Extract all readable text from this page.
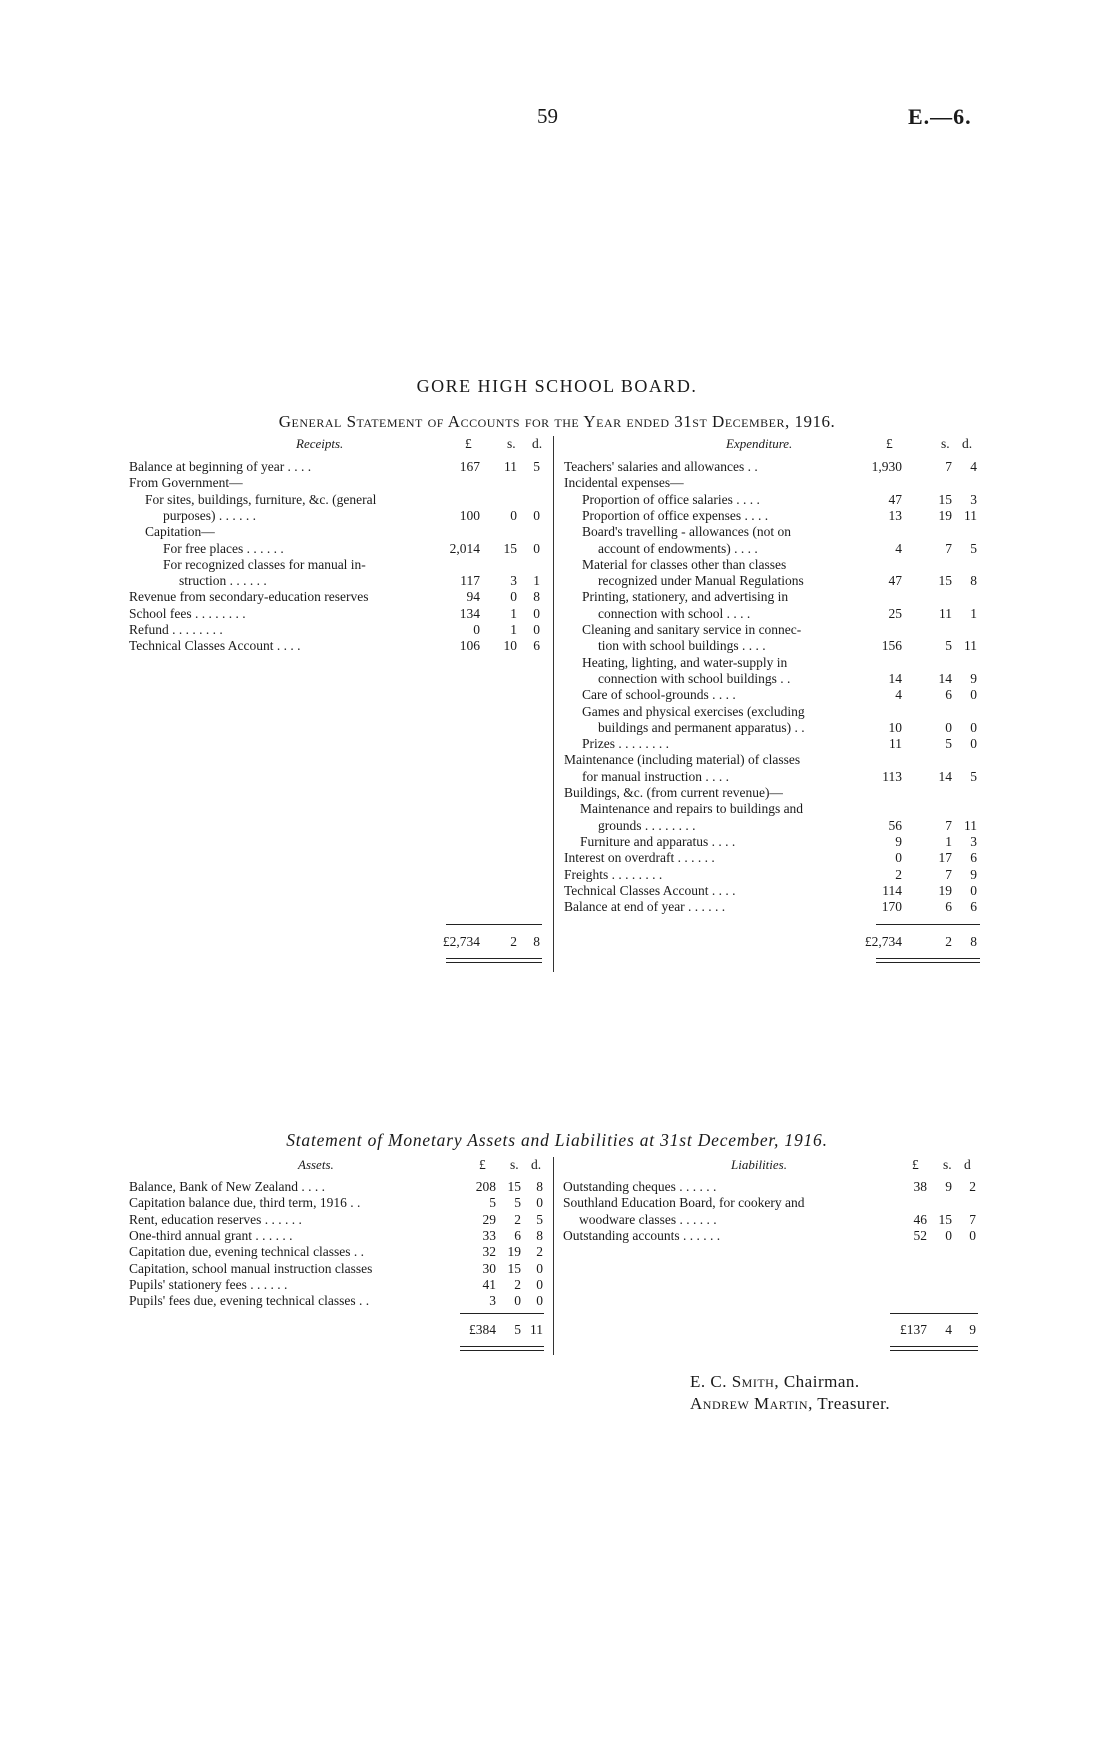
59	E.—6.
GORE HIGH SCHOOL BOARD.
General Statement of Accounts for the Year ended 31st December, 1916.
Receipts.	£	s. d.
Balance at beginning of year . . . .	167	11	5
From Government—
For sites, buildings, furniture, &c. (general
purposes) . . . . . .	100	0	0
Capitation—
For free places . . . . . .	2,014	15	0
For recognized classes for manual in-
struction . . . . . .	117	3	1
Revenue from secondary-education reserves	94	0	8
School fees . . . . . . . .	134	1	0
Refund . . . . . . . .	0	1	0
Technical Classes Account . . . .	106	10	6
£2,734	2	8
Expenditure.	£	s. d.
Teachers' salaries and allowances . .	1,930	7	4
Incidental expenses—
Proportion of office salaries . . . .	47	15	3
Proportion of office expenses . . . .	13	19 11
Board's travelling - allowances (not on
account of endowments) . . . .	4	7	5
Material for classes other than classes
recognized under Manual Regulations	47	15	8
Printing, stationery, and advertising in
connection with school . . . .	25	11	1
Cleaning and sanitary service in connec-
tion with school buildings . . . .	156	5 11
Heating, lighting, and water-supply in
connection with school buildings . .	14	14	9
Care of school-grounds . . . .	4	6	0
Games and physical exercises (excluding
buildings and permanent apparatus) . .	10	0	0
Prizes . . . . . . . .	11	5	0
Maintenance (including material) of classes
for manual instruction . . . .	113	14	5
Buildings, &c. (from current revenue)—
Maintenance and repairs to buildings and
grounds . . . . . . . .	56	7 11
Furniture and apparatus . . . .	9	1	3
Interest on overdraft . . . . . .	0	17	6
Freights . . . . . . . .	2	7	9
Technical Classes Account . . . .	114	19	0
Balance at end of year . . . . . .	170	6	6
£2,734	2	8
Statement of Monetary Assets and Liabilities at 31st December, 1916.
Assets.	£ s. d.
Balance, Bank of New Zealand . . . .	208 15	8
Capitation balance due, third term, 1916 . .	5	5	0
Rent, education reserves . . . . . .	29	2	5
One-third annual grant . . . . . .	33	6	8
Capitation due, evening technical classes . .	32 19	2
Capitation, school manual instruction classes	30 15	0
Pupils' stationery fees . . . . . .	41	2	0
Pupils' fees due, evening technical classes . .	3	0	0
£384	5 11
Liabilities.	£ s. d
Outstanding cheques . . . . . .	38	9	2
Southland Education Board, for cookery and
woodware classes . . . . . .	46 15	7
Outstanding accounts . . . . . .	52	0	0
£137	4	9
E. C. Smith, Chairman.
Andrew Martin, Treasurer.
